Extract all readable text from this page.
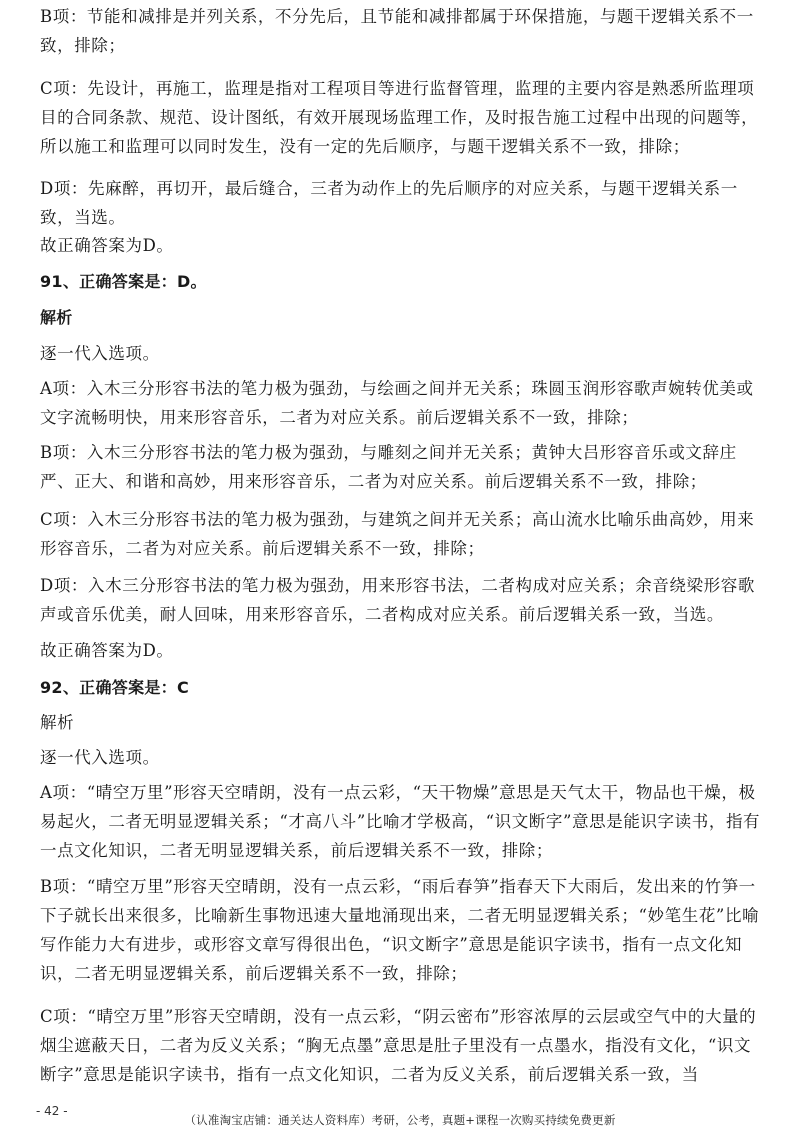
B项：节能和减排是并列关系，不分先后，且节能和减排都属于环保措施，与题干逻辑关系不一致，排除；

C项：先设计，再施工，监理是指对工程项目等进行监督管理，监理的主要内容是熟悉所监理项目的合同条款、规范、设计图纸，有效开展现场监理工作，及时报告施工过程中出现的问题等，所以施工和监理可以同时发生，没有一定的先后顺序，与题干逻辑关系不一致，排除；

D项：先麻醉，再切开，最后缝合，三者为动作上的先后顺序的对应关系，与题干逻辑关系一致，当选。

故正确答案为D。

91、正确答案是：D。

解析

逐一代入选项。

A项：入木三分形容书法的笔力极为强劲，与绘画之间并无关系；珠圆玉润形容歌声婉转优美或文字流畅明快，用来形容音乐，二者为对应关系。前后逻辑关系不一致，排除；

B项：入木三分形容书法的笔力极为强劲，与雕刻之间并无关系；黄钟大吕形容音乐或文辞庄严、正大、和谐和高妙，用来形容音乐，二者为对应关系。前后逻辑关系不一致，排除；

C项：入木三分形容书法的笔力极为强劲，与建筑之间并无关系；高山流水比喻乐曲高妙，用来形容音乐，二者为对应关系。前后逻辑关系不一致，排除；

D项：入木三分形容书法的笔力极为强劲，用来形容书法，二者构成对应关系；余音绕梁形容歌声或音乐优美，耐人回味，用来形容音乐，二者构成对应关系。前后逻辑关系一致，当选。

故正确答案为D。

92、正确答案是：C

解析

逐一代入选项。

A项：“晴空万里”形容天空晴朗，没有一点云彩，“天干物燥”意思是天气太干，物品也干燥，极易起火，二者无明显逻辑关系；“才高八斗”比喻才学极高，“识文断字”意思是能识字读书，指有一点文化知识，二者无明显逻辑关系，前后逻辑关系不一致，排除；

B项：“晴空万里”形容天空晴朗，没有一点云彩，“雨后春笋”指春天下大雨后，发出来的竹笋一下子就长出来很多，比喻新生事物迅速大量地涌现出来，二者无明显逻辑关系；“妙笔生花”比喻写作能力大有进步，或形容文章写得很出色，“识文断字”意思是能识字读书，指有一点文化知识，二者无明显逻辑关系，前后逻辑关系不一致，排除；

C项：“晴空万里”形容天空晴朗，没有一点云彩，“阴云密布”形容浓厚的云层或空气中的大量的烟尘遮蔽天日，二者为反义关系；“胸无点墨”意思是肚子里没有一点墨水，指没有文化，“识文断字”意思是能识字读书，指有一点文化知识，二者为反义关系，前后逻辑关系一致，当

- 42 -
（认准淘宝店铺：通关达人资料库）考研，公考，真题+课程一次购买持续免费更新
